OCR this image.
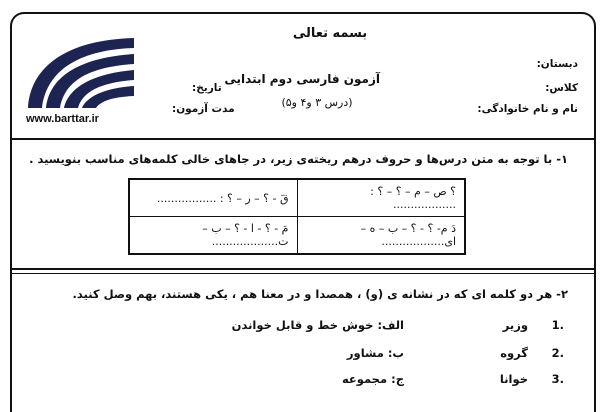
www.barttar.ir
بسمه تعالی
آزمون فارسی دوم ابتدایی
(درس ۳ و۴ و۵)
دبستان:
کلاس:
نام و نام خانوادگی:
تاریخ:
مدت آزمون:
۱- با توجه به متن درس‌ها و حروف درهم ریخته‌ی زیر، در جاهای خالی کلمه‌های مناسب بنویسید .
؟ ص – م – ؟ – ؟ : ..................	قَ - ؟ – ر – ؟ : .................
دَ م- ؟ - ؟ – ب – ه – ای..................	مَ - ؟ - ا - ؟ – ب – ت...................
۲- هر دو کلمه ای که در نشانه ی (و) ، همصدا و در معنا هم ، یکی هستند، بهم وصل کنید.
1.
وزیر
الف: خوش خط و قابل خواندن
2.
گروه
ب: مشاور
3.
خوانا
ج: مجموعه
